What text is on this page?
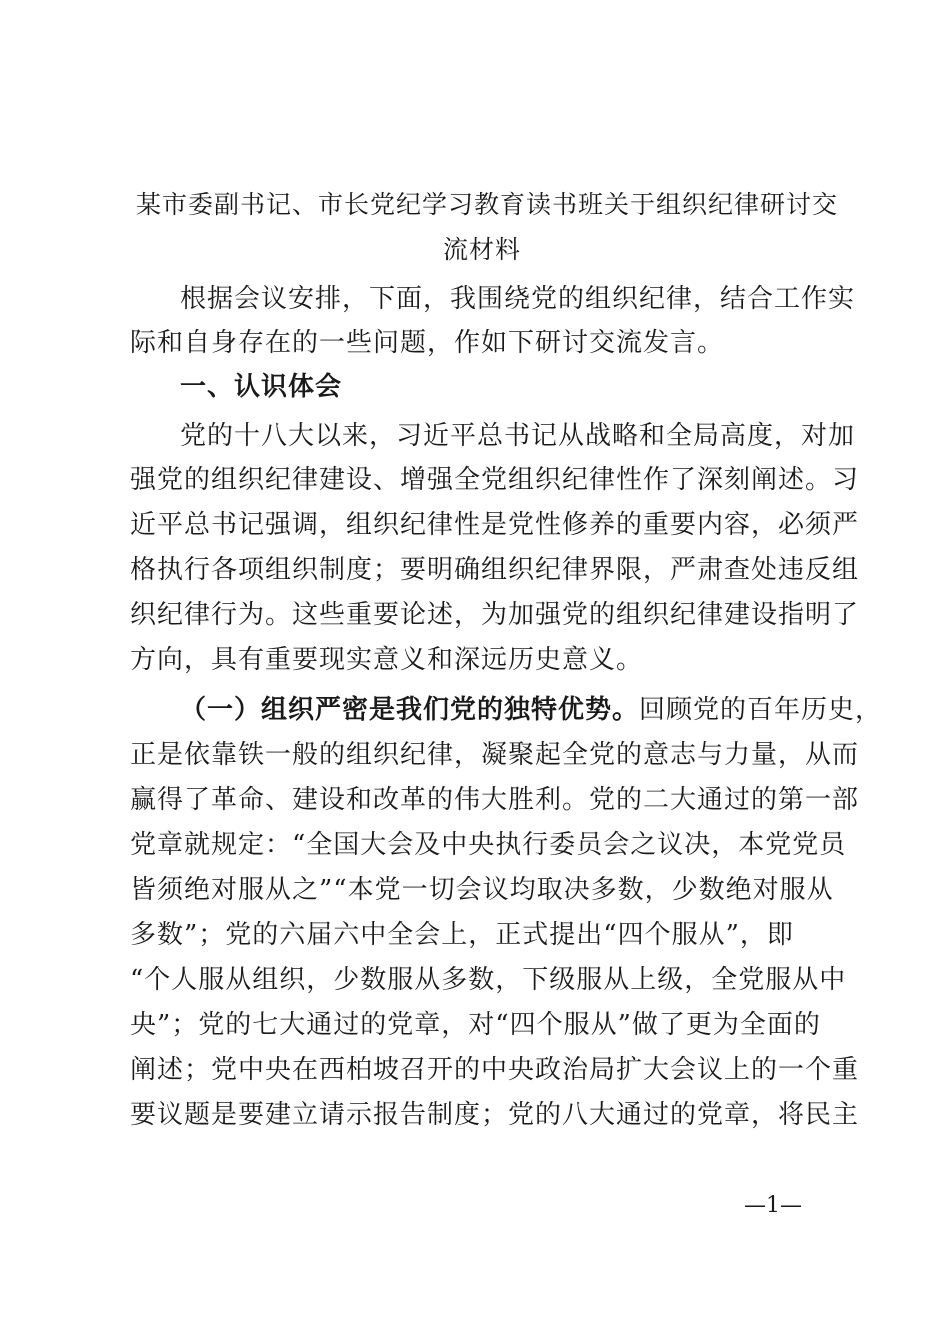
某市委副书记、市长党纪学习教育读书班关于组织纪律研讨交
流材料
根据会议安排，下面，我围绕党的组织纪律，结合工作实
际和自身存在的一些问题，作如下研讨交流发言。
一、认识体会
党的十八大以来，习近平总书记从战略和全局高度，对加
强党的组织纪律建设、增强全党组织纪律性作了深刻阐述。习
近平总书记强调，组织纪律性是党性修养的重要内容，必须严
格执行各项组织制度；要明确组织纪律界限，严肃查处违反组
织纪律行为。这些重要论述，为加强党的组织纪律建设指明了
方向，具有重要现实意义和深远历史意义。
（一）组织严密是我们党的独特优势。回顾党的百年历史，
正是依靠铁一般的组织纪律，凝聚起全党的意志与力量，从而
赢得了革命、建设和改革的伟大胜利。党的二大通过的第一部
党章就规定：“全国大会及中央执行委员会之议决，本党党员
皆须绝对服从之”“本党一切会议均取决多数，少数绝对服从
多数”；党的六届六中全会上，正式提出“四个服从”，即
“个人服从组织，少数服从多数，下级服从上级，全党服从中
央”；党的七大通过的党章，对“四个服从”做了更为全面的
阐述；党中央在西柏坡召开的中央政治局扩大会议上的一个重
要议题是要建立请示报告制度；党的八大通过的党章，将民主
—1—
